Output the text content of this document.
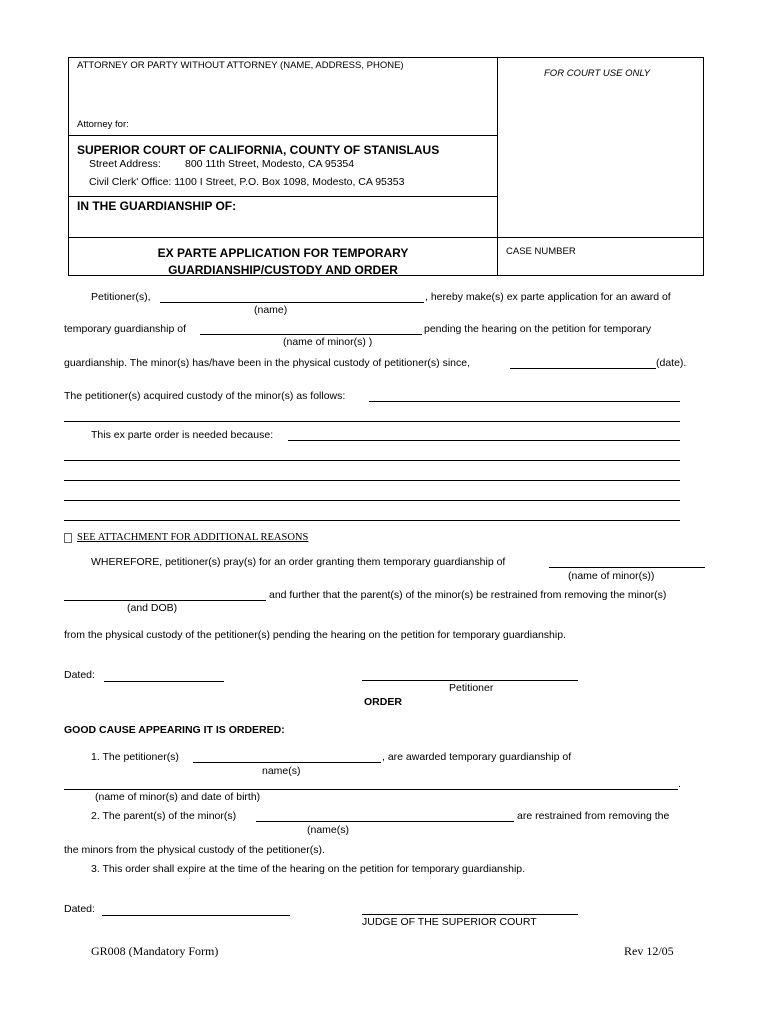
ATTORNEY OR PARTY WITHOUT ATTORNEY (NAME, ADDRESS, PHONE)
FOR COURT USE ONLY
Attorney for:
SUPERIOR COURT OF CALIFORNIA, COUNTY OF STANISLAUS
Street Address: 800 11th Street, Modesto, CA 95354
Civil Clerk' Office: 1100 I Street, P.O. Box 1098, Modesto, CA 95353
IN THE GUARDIANSHIP OF:
EX PARTE APPLICATION FOR TEMPORARY
GUARDIANSHIP/CUSTODY AND ORDER
CASE NUMBER
Petitioner(s),	, hereby make(s) ex parte application for an award of
(name)
temporary guardianship of	pending the hearing on the petition for temporary
(name of minor(s) )
guardianship. The minor(s) has/have been in the physical custody of petitioner(s) since,	(date).
The petitioner(s) acquired custody of the minor(s) as follows:
This ex parte order is needed because:
SEE ATTACHMENT FOR ADDITIONAL REASONS
WHEREFORE, petitioner(s) pray(s) for an order granting them temporary guardianship of
(name of minor(s))
and further that the parent(s) of the minor(s) be restrained from removing the minor(s)
(and DOB)
from the physical custody of the petitioner(s) pending the hearing on the petition for temporary guardianship.
Dated:
Petitioner
ORDER
GOOD CAUSE APPEARING IT IS ORDERED:
1. The petitioner(s)	, are awarded temporary guardianship of
name(s)
.
(name of minor(s) and date of birth)
2. The parent(s) of the minor(s)	are restrained from removing the
(name(s)
the minors from the physical custody of the petitioner(s).
3. This order shall expire at the time of the hearing on the petition for temporary guardianship.
Dated:
JUDGE OF THE SUPERIOR COURT
GR008 (Mandatory Form)	Rev 12/05
